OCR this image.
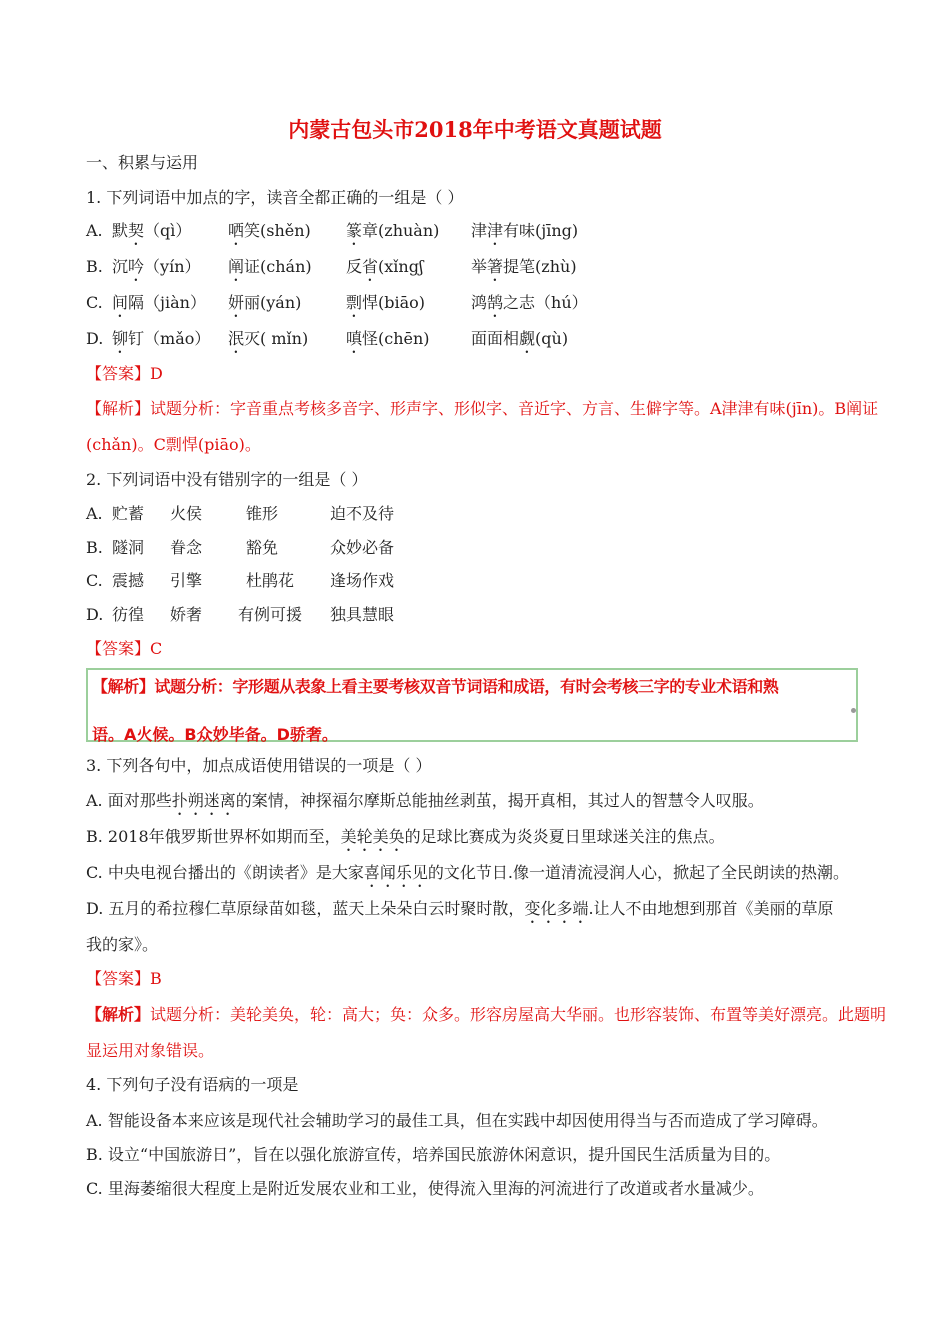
内蒙古包头市2018年中考语文真题试题
一、积累与运用
1. 下列词语中加点的字，读音全都正确的一组是（ ）
A. 默契（qì） 哂笑(shěn) 篆章(zhuàn) 津津有味(jīng)
B. 沉吟（yín） 阐证(chán) 反省(xǐngʃ	举箸提笔(zhù)
C. 间隔（jiàn） 妍丽(yán)	剽悍(biāo)	鸿鹄之志（hú）
D. 铆钉（mǎo） 泯灭( mǐn) 嗔怪(chēn)	面面相觑(qù)
【答案】D
【解析】试题分析：字音重点考核多音字、形声字、形似字、音近字、方言、生僻字等。A津津有味(jīn)。B阐证
(chǎn)。C剽悍(piāo)。
2. 下列词语中没有错别字的一组是（ ）
A. 贮蓄 火侯	锥形	迫不及待
B. 隧洞 眷念	豁免	众妙必备
C. 震撼 引擎	杜鹃花 逢场作戏
D. 彷徨 娇奢 有例可援 独具慧眼
【答案】C
【解析】试题分析：字形题从表象上看主要考核双音节词语和成语，有时会考核三字的专业术语和熟
语。A火候。B众妙毕备。D骄奢。
3. 下列各句中，加点成语使用错误的一项是（ ）
A. 面对那些扑朔迷离的案情，神探福尔摩斯总能抽丝剥茧，揭开真相，其过人的智慧令人叹服。
B. 2018年俄罗斯世界杯如期而至，美轮美奂的足球比赛成为炎炎夏日里球迷关注的焦点。
C. 中央电视台播出的《朗读者》是大家喜闻乐见的文化节日.像一道清流浸润人心，掀起了全民朗读的热潮。
D. 五月的希拉穆仁草原绿苗如毯，蓝天上朵朵白云时聚时散，变化多端.让人不由地想到那首《美丽的草原
我的家》。
【答案】B
【解析】试题分析：美轮美奂，轮：高大；奂：众多。形容房屋高大华丽。也形容装饰、布置等美好漂亮。此题明
显运用对象错误。
4. 下列句子没有语病的一项是
A. 智能设备本来应该是现代社会辅助学习的最佳工具，但在实践中却因使用得当与否而造成了学习障碍。
B. 设立“中国旅游日”，旨在以强化旅游宣传，培养国民旅游休闲意识，提升国民生活质量为目的。
C. 里海萎缩很大程度上是附近发展农业和工业，使得流入里海的河流进行了改道或者水量减少。
